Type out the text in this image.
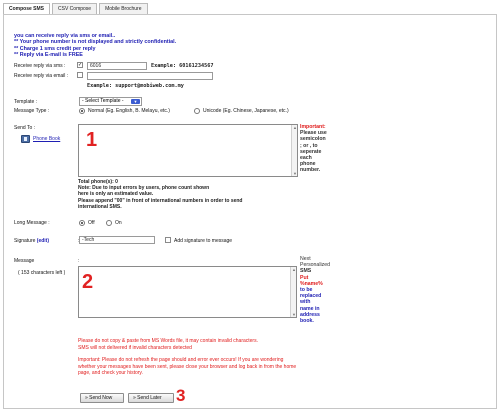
Compose SMS	CSV Compose	Mobile Brochure
you can receive reply via sms or email..
** Your phone number is not displayed and strictly confidential.
** Charge 1 sms credit per reply
** Reply via E-mail is FREE
Receive reply via sms :	✓	6016	Example: 60161234567
Receive reply via email :
Example: support@mobiweb.com.my
Template :	- Select Template -	▼
Message Type :	Normal (Eg. English, B. Melayu, etc.)	Unicode (Eg. Chinese, Japanese, etc.)
Send To :
Phone Book ▲ ▼ 1
Important:
Please use
semicolon
; or , to
seperate
each
phone
number.
Total phone(s): 0
Note: Due to input errors by users, phone count shown
here is only an estimated value.
Please append "00" in front of international numbers in order to send
international SMS.
Long Message :	Off	On
Signature (edit)	-Tech	Add signature to message
Message	:
( 153 characters left ) ▲ ▼ 2
Next
Personalized
SMS
Put
%name%
to be
replaced
with
name in
address
book.
Please do not copy & paste from MS Words file, it may contain invalid characters.
SMS will not delivered if invalid characters detected
Important: Please do not refresh the page should and error ever occurs! If you are wondering
whether your messages have been sent, please close your browser and log back in from the home
page, and check your history.
» Send Now	» Send Later 3
